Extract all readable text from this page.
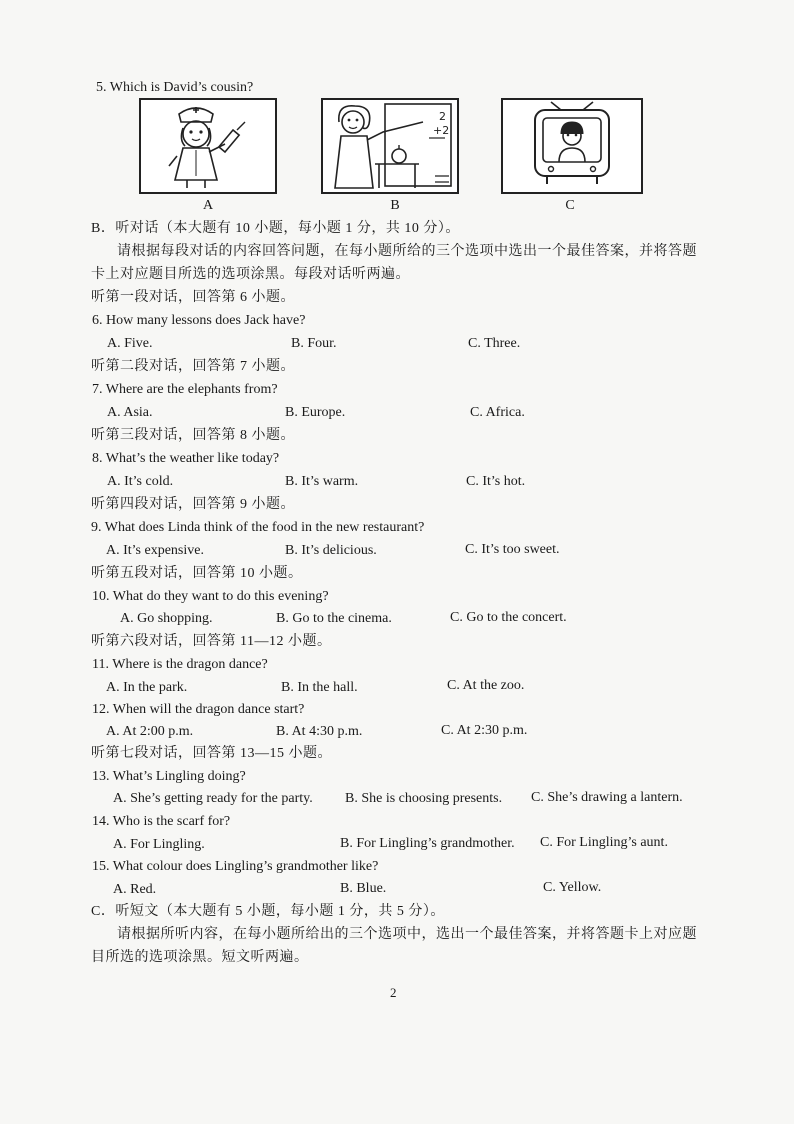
5. Which is David’s cousin?
A
2
+2
B	C
B．听对话（本大题有 10 小题，每小题 1 分，共 10 分）。
请根据每段对话的内容回答问题，在每小题所给的三个选项中选出一个最佳答案，并将答题
卡上对应题目所选的选项涂黑。每段对话听两遍。
听第一段对话，回答第 6 小题。
6. How many lessons does Jack have?
A. Five.	B. Four.	C. Three.
听第二段对话，回答第 7 小题。
7. Where are the elephants from?
A. Asia.	B. Europe.	C. Africa.
听第三段对话，回答第 8 小题。
8. What’s the weather like today?
A. It’s cold.	B. It’s warm.	C. It’s hot.
听第四段对话，回答第 9 小题。
9. What does Linda think of the food in the new restaurant?
A. It’s expensive.	B. It’s delicious.	C. It’s too sweet.
听第五段对话，回答第 10 小题。
10. What do they want to do this evening?
A. Go shopping.	B. Go to the cinema.	C. Go to the concert.
听第六段对话，回答第 11—12 小题。
11. Where is the dragon dance?
A. In the park.	B. In the hall.	C. At the zoo.
12. When will the dragon dance start?
A. At 2:00 p.m.	B. At 4:30 p.m.	C. At 2:30 p.m.
听第七段对话，回答第 13—15 小题。
13. What’s Lingling doing?
A. She’s getting ready for the party. B. She is choosing presents. C. She’s drawing a lantern.
14. Who is the scarf for?
A. For Lingling.	B. For Lingling’s grandmother. C. For Lingling’s aunt.
15. What colour does Lingling’s grandmother like?
A. Red.	B. Blue.	C. Yellow.
C．听短文（本大题有 5 小题，每小题 1 分，共 5 分）。
请根据所听内容，在每小题所给出的三个选项中，选出一个最佳答案，并将答题卡上对应题
目所选的选项涂黑。短文听两遍。
2
